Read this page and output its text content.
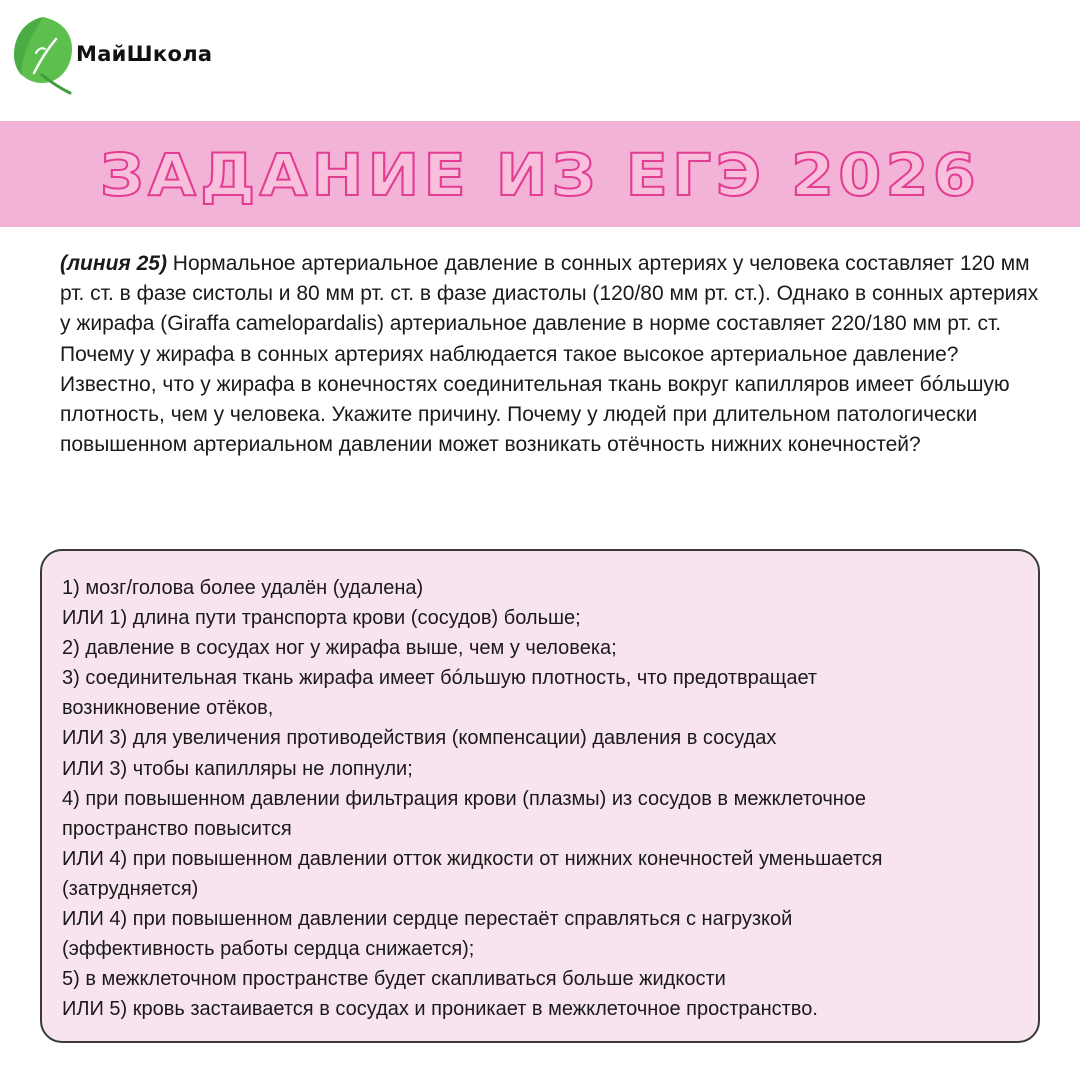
МайШкола
ЗАДАНИЕ ИЗ ЕГЭ 2026
(линия 25) Нормальное артериальное давление в сонных артериях у человека составляет 120 мм рт. ст. в фазе систолы и 80 мм рт. ст. в фазе диастолы (120/80 мм рт. ст.). Однако в сонных артериях у жирафа (Giraffa camelopardalis) артериальное давление в норме составляет 220/180 мм рт. ст. Почему у жирафа в сонных артериях наблюдается такое высокое артериальное давление? Известно, что у жирафа в конечностях соединительная ткань вокруг капилляров имеет бóльшую плотность, чем у человека. Укажите причину. Почему у людей при длительном патологически повышенном артериальном давлении может возникать отёчность нижних конечностей?
1) мозг/голова более удалён (удалена)
ИЛИ 1) длина пути транспорта крови (сосудов) больше;
2) давление в сосудах ног у жирафа выше, чем у человека;
3) соединительная ткань жирафа имеет бóльшую плотность, что предотвращает
возникновение отёков,
ИЛИ 3) для увеличения противодействия (компенсации) давления в сосудах
ИЛИ 3) чтобы капилляры не лопнули;
4) при повышенном давлении фильтрация крови (плазмы) из сосудов в межклеточное
пространство повысится
ИЛИ 4) при повышенном давлении отток жидкости от нижних конечностей уменьшается
(затрудняется)
ИЛИ 4) при повышенном давлении сердце перестаёт справляться с нагрузкой
(эффективность работы сердца снижается);
5) в межклеточном пространстве будет скапливаться больше жидкости
ИЛИ 5) кровь застаивается в сосудах и проникает в межклеточное пространство.
